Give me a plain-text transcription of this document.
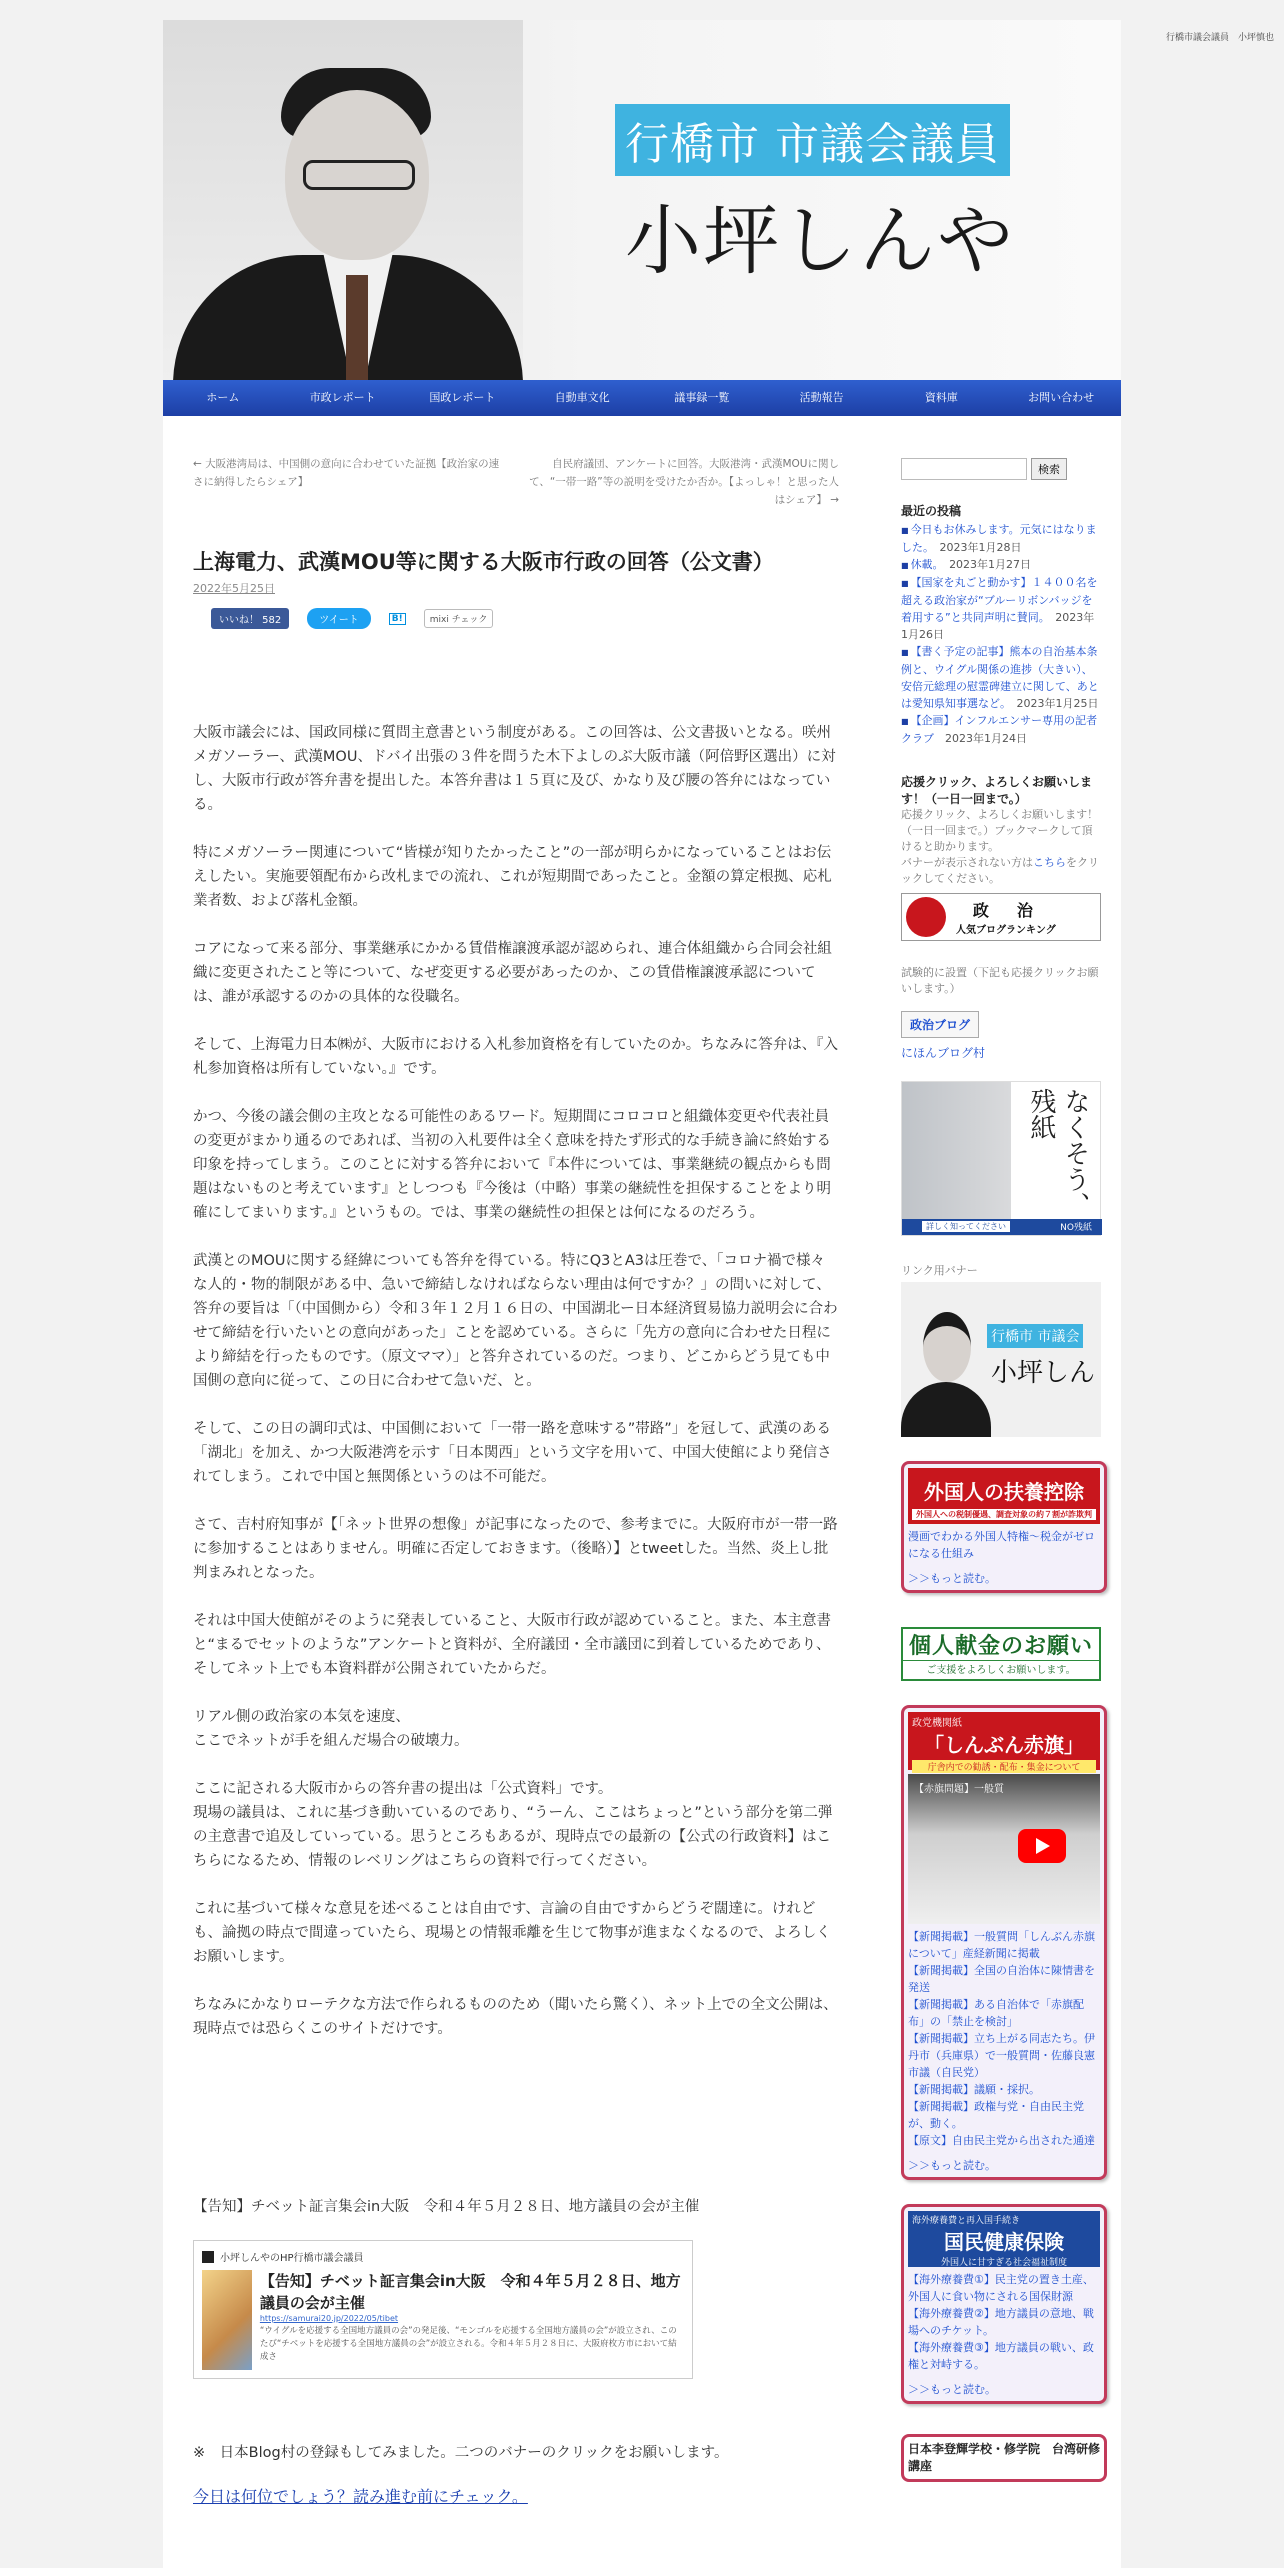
行橋市議会議員　小坪慎也
行橋市 市議会議員
小坪しんや
ホーム	市政レポート	国政レポート	自動車文化	議事録一覧	活動報告	資料庫	お問い合わせ
← 大阪港湾局は、中国側の意向に合わせていた証拠【政治家の速さに納得したらシェア】
自民府議団、アンケートに回答。大阪港湾・武漢MOUに関して、“一帯一路”等の説明を受けたか否か。【よっしゃ！と思った人はシェア】 →
上海電力、武漢MOU等に関する大阪市行政の回答（公文書）
2022年5月25日
いいね！ 582	ツイート	B!	mixi チェック

大阪市議会には、国政同様に質問主意書という制度がある。この回答は、公文書扱いとなる。咲州メガソーラー、武漢MOU、ドバイ出張の３件を問うた木下よしのぶ大阪市議（阿倍野区選出）に対し、大阪市行政が答弁書を提出した。本答弁書は１５頁に及び、かなり及び腰の答弁にはなっている。

特にメガソーラー関連について“皆様が知りたかったこと”の一部が明らかになっていることはお伝えしたい。実施要領配布から改札までの流れ、これが短期間であったこと。金額の算定根拠、応札業者数、および落札金額。

コアになって来る部分、事業継承にかかる賃借権譲渡承認が認められ、連合体組織から合同会社組織に変更されたこと等について、なぜ変更する必要があったのか、この賃借権譲渡承認については、誰が承認するのかの具体的な役職名。

そして、上海電力日本㈱が、大阪市における入札参加資格を有していたのか。ちなみに答弁は、『入札参加資格は所有していない。』です。

かつ、今後の議会側の主攻となる可能性のあるワード。短期間にコロコロと組織体変更や代表社員の変更がまかり通るのであれば、当初の入札要件は全く意味を持たず形式的な手続き論に終始する印象を持ってしまう。このことに対する答弁において『本件については、事業継続の観点からも問題はないものと考えています』としつつも『今後は（中略）事業の継続性を担保することをより明確にしてまいります。』というもの。では、事業の継続性の担保とは何になるのだろう。

武漢とのMOUに関する経緯についても答弁を得ている。特にQ3とA3は圧巻で、「コロナ禍で様々な人的・物的制限がある中、急いで締結しなければならない理由は何ですか？」の問いに対して、答弁の要旨は「（中国側から）令和３年１２月１６日の、中国湖北ー日本経済貿易協力説明会に合わせて締結を行いたいとの意向があった」ことを認めている。さらに「先方の意向に合わせた日程により締結を行ったものです。（原文ママ）」と答弁されているのだ。つまり、どこからどう見ても中国側の意向に従って、この日に合わせて急いだ、と。

そして、この日の調印式は、中国側において「一帯一路を意味する”帯路”」を冠して、武漢のある「湖北」を加え、かつ大阪港湾を示す「日本関西」という文字を用いて、中国大使館により発信されてしまう。これで中国と無関係というのは不可能だ。

さて、吉村府知事が【「ネット世界の想像」が記事になったので、参考までに。大阪府市が一帯一路に参加することはありません。明確に否定しておきます。（後略）】とtweetした。当然、炎上し批判まみれとなった。

それは中国大使館がそのように発表していること、大阪市行政が認めていること。また、本主意書と“まるでセットのような”アンケートと資料が、全府議団・全市議団に到着しているためであり、そしてネット上でも本資料群が公開されていたからだ。

リアル側の政治家の本気を速度、
ここでネットが手を組んだ場合の破壊力。

ここに記される大阪市からの答弁書の提出は「公式資料」です。
現場の議員は、これに基づき動いているのであり、“うーん、ここはちょっと”という部分を第二弾の主意書で追及していっている。思うところもあるが、現時点での最新の【公式の行政資料】はこちらになるため、情報のレベリングはこちらの資料で行ってください。

これに基づいて様々な意見を述べることは自由です、言論の自由ですからどうぞ闊達に。けれども、論拠の時点で間違っていたら、現場との情報乖離を生じて物事が進まなくなるので、よろしくお願いします。

ちなみにかなりローテクな方法で作られるもののため（聞いたら驚く）、ネット上での全文公開は、現時点では恐らくこのサイトだけです。

【告知】チベット証言集会in大阪　令和４年５月２８日、地方議員の会が主催
小坪しんやのHP行橋市議会議員
【告知】チベット証言集会in大阪　令和４年５月２８日、地方議員の会が主催
https://samurai20.jp/2022/05/tibet
“ウイグルを応援する全国地方議員の会”の発足後、“モンゴルを応援する全国地方議員の会”が設立され、このたび“チベットを応援する全国地方議員の会”が設立される。令和４年５月２８日に、大阪府枚方市において結成さ
※　日本Blog村の登録もしてみました。二つのバナーのクリックをお願いします。
今日は何位でしょう？読み進む前にチェック。
検索
最近の投稿
■ 今日もお休みします。元気にはなりました。　 2023年1月28日
■ 休載。　 2023年1月27日
■ 【国家を丸ごと動かす】１４００名を超える政治家が“ブルーリボンバッジを着用する”と共同声明に賛同。　 2023年1月26日
■ 【書く予定の記事】熊本の自治基本条例と、ウイグル関係の進捗（大きい）、安倍元総理の慰霊碑建立に関して、あとは愛知県知事選など。　 2023年1月25日
■ 【企画】インフルエンサー専用の記者クラブ　 2023年1月24日
応援クリック、よろしくお願いします！（一日一回まで。）
応援クリック、よろしくお願いします！（一日一回まで。）ブックマークして頂けると助かります。
バナーが表示されない方はこちらをクリックしてください。
政　治
人気ブログランキング
試験的に設置（下記も応援クリックお願いします。）
政治ブログ
にほんブログ村
なくそう、残紙
詳しく知ってください	NO残紙
リンク用バナー
行橋市 市議会
小坪しん
外国人の扶養控除
外国人への税制優遇、調査対象の約７割が詐欺判
漫画でわかる外国人特権～税金がゼロになる仕組み
＞＞もっと読む。
個人献金のお願い
ご支援をよろしくお願いします。
政党機関紙
「しんぶん赤旗」
庁舎内での勧誘・配布・集金について
【赤旗問題】一般質
【新聞掲載】一般質問「しんぶん赤旗について」産経新聞に掲載
【新聞掲載】全国の自治体に陳情書を発送
【新聞掲載】ある自治体で「赤旗配布」の「禁止を検討」
【新聞掲載】立ち上がる同志たち。伊丹市（兵庫県）で一般質問・佐藤良憲市議（自民党）
【新聞掲載】議願・採択。
【新聞掲載】政権与党・自由民主党が、動く。
【原文】自由民主党から出された通達
＞＞もっと読む。
海外療養費と再入国手続き
国民健康保険
外国人に甘すぎる社会福祉制度
【海外療養費①】民主党の置き土産、外国人に食い物にされる国保財源
【海外療養費②】地方議員の意地、戦場へのチケット。
【海外療養費③】地方議員の戦い、政権と対峙する。
＞＞もっと読む。
日本李登輝学校・修学院　台湾研修講座
